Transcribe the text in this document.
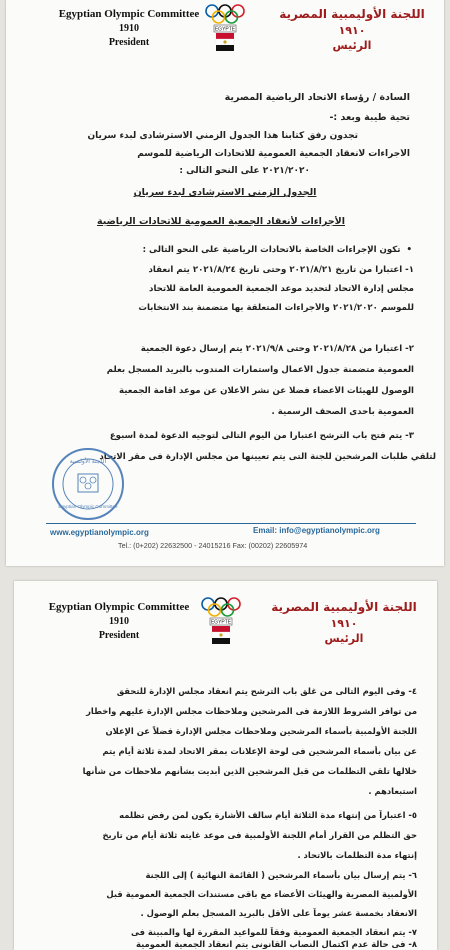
Egyptian Olympic Committee
1910
President
EGYPTE
اللجنة الأوليمبية المصرية
١٩١٠
الرئيس
السادة / رؤساء الاتحاد الرياضية المصرية
تحية طيبة وبعد :-
تجدون رفق كتابنا هذا الجدول الزمني الاسترشادى لبدء سريان
الأجراءات لأنعقاد الجمعية العمومية للاتحادات الرياضية للموسم
٢٠٢١/٢٠٢٠ على النحو التالى :
الجدول الزمنى الاسترشادى لبدء سريان
الأجراءات لأنعقاد الجمعية العمومية للاتحادات الرياضية
•  تكون الإجراءات الخاصة بالاتحادات الرياضية على النحو التالى :
١- اعتباراً من تاريخ ٢٠٢١/٨/٢١ وحتى تاريخ ٢٠٢١/٨/٢٤ يتم انعقاد
مجلس إدارة الاتحاد لتحديد موعد الجمعية العمومية العامة للاتحاد
للموسم ٢٠٢١/٢٠٢٠ والأجراءات المتعلقة بها متضمنة بند الانتخابات
٢- اعتباراً من ٢٠٢١/٨/٢٨ وحتى ٢٠٢١/٩/٨ يتم إرسال دعوة الجمعية
العمومية متضمنة جدول الأعمال واستمارات المندوب بالبريد المسجل بعلم
الوصول للهيئات الأعضاء فضلاً عن نشر الأعلان عن موعد أقامة الجمعية
العمومية بأحدى الصحف الرسمية .
٣- يتم فتح باب الترشح اعتباراً من اليوم التالى لتوجيه الدعوة لمدة أسبوع
لتلقي طلبات المرشحين للجنة التى يتم تعيينها من مجلس الإدارة فى مقر الاتحاد
اللجنة الأولمبية
Egyptian Olympic Committee
www.egyptianolympic.org	Email: info@egyptianolympic.org
Tel.: (0+202) 22632500 - 24015216 Fax: (00202) 22605974
Egyptian Olympic Committee
1910
President
EGYPTE
اللجنة الأوليمبية المصرية
١٩١٠
الرئيس
٤- وفى اليوم التالى من غلق باب الترشح يتم انعقاد مجلس الإدارة للتحقق
من توافر الشروط اللازمة فى المرشحين وملاحظات مجلس الإدارة عليهم واخطار
اللجنة الأولمبية بأسماء المرشحين وملاحظات مجلس الإدارة فضلاً عن الإعلان
عن بيان بأسماء المرشحين فى لوحة الإعلانات بمقر الاتحاد لمدة ثلاثة أيام يتم
خلالها تلقي التظلمات من قبل المرشحين الذين أبديت بشأنهم ملاحظات من شأنها
استبعادهم .
٥- اعتباراً من إنتهاء مدة الثلاثة أيام سالف الأشارة يكون لمن رفض تظلمه
حق التظلم من القرار أمام اللجنة الأولمبية فى موعد غايته ثلاثة أيام من تاريخ
إنتهاء مدة التظلمات بالاتحاد .
٦- يتم إرسال بيان بأسماء المرشحين ( القائمة النهائية ) إلى اللجنة
الأولمبية المصرية والهيئات الأعضاء مع باقى مستندات الجمعية العمومية قبل
الانعقاد بخمسة عشر يوماً على الأقل بالبريد المسجل بعلم الوصول .
٧- يتم انعقاد الجمعية العمومية وفقاً للمواعيد المقررة لها والمبينة فى
٨- فى حالة عدم اكتمال النصاب القانونى يتم انعقاد الجمعية العمومية
